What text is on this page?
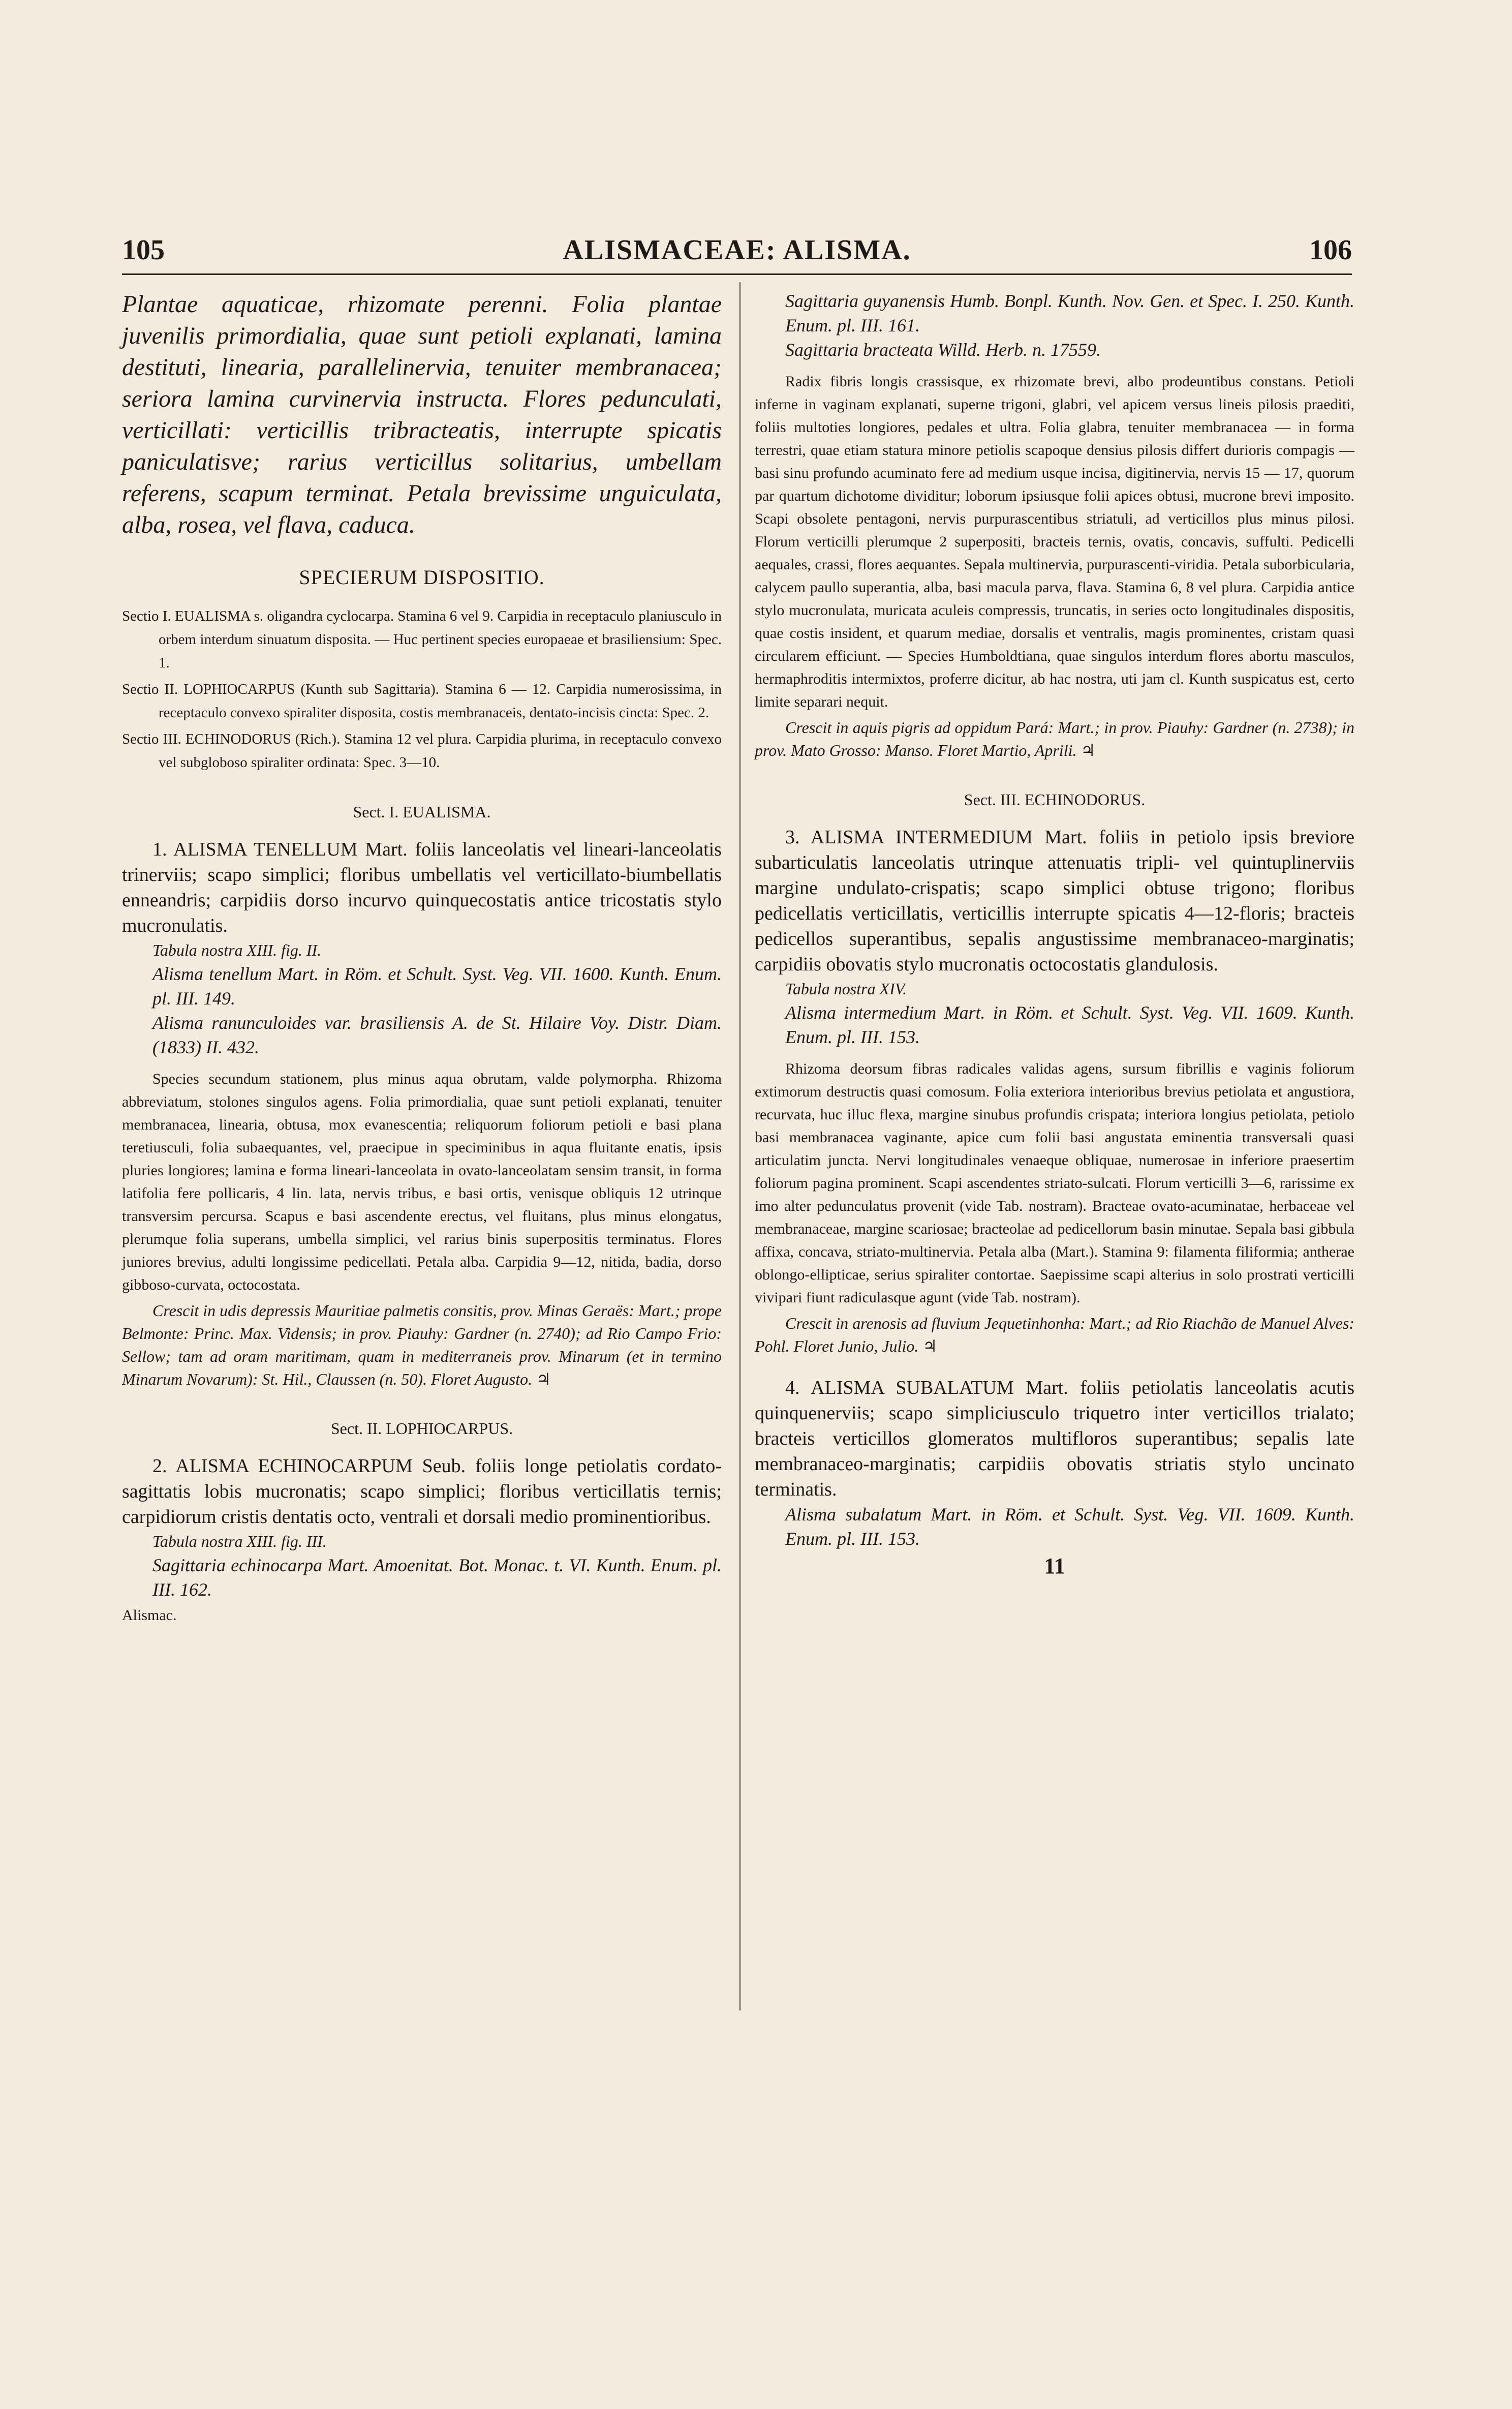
105	ALISMACEAE: ALISMA.	106

Plantae aquaticae, rhizomate perenni. Folia plantae juvenilis primordialia, quae sunt petioli explanati, lamina destituti, linearia, parallelinervia, tenuiter membranacea; seriora lamina curvinervia instructa. Flores pedunculati, verticillati: verticillis tribracteatis, interrupte spicatis paniculatisve; rarius verticillus solitarius, umbellam referens, scapum terminat. Petala brevissime unguiculata, alba, rosea, vel flava, caduca.

SPECIERUM DISPOSITIO.

Sectio I. EUALISMA s. oligandra cyclocarpa. Stamina 6 vel 9. Carpidia in receptaculo planiusculo in orbem interdum sinuatum disposita. — Huc pertinent species europaeae et brasiliensium: Spec. 1.

Sectio II. LOPHIOCARPUS (Kunth sub Sagittaria). Stamina 6 — 12. Carpidia numerosissima, in receptaculo convexo spiraliter disposita, costis membranaceis, dentato-incisis cincta: Spec. 2.

Sectio III. ECHINODORUS (Rich.). Stamina 12 vel plura. Carpidia plurima, in receptaculo convexo vel subgloboso spiraliter ordinata: Spec. 3—10.

Sect. I. EUALISMA.

1. ALISMA TENELLUM Mart. foliis lanceolatis vel lineari-lanceolatis trinerviis; scapo simplici; floribus umbellatis vel verticillato-biumbellatis enneandris; carpidiis dorso incurvo quinquecostatis antice tricostatis stylo mucronulatis.

Tabula nostra XIII. fig. II.

Alisma tenellum Mart. in Röm. et Schult. Syst. Veg. VII. 1600. Kunth. Enum. pl. III. 149.

Alisma ranunculoides var. brasiliensis A. de St. Hilaire Voy. Distr. Diam. (1833) II. 432.

Species secundum stationem, plus minus aqua obrutam, valde polymorpha. Rhizoma abbreviatum, stolones singulos agens. Folia primordialia, quae sunt petioli explanati, tenuiter membranacea, linearia, obtusa, mox evanescentia; reliquorum foliorum petioli e basi plana teretiusculi, folia subaequantes, vel, praecipue in speciminibus in aqua fluitante enatis, ipsis pluries longiores; lamina e forma lineari-lanceolata in ovato-lanceolatam sensim transit, in forma latifolia fere pollicaris, 4 lin. lata, nervis tribus, e basi ortis, venisque obliquis 12 utrinque transversim percursa. Scapus e basi ascendente erectus, vel fluitans, plus minus elongatus, plerumque folia superans, umbella simplici, vel rarius binis superpositis terminatus. Flores juniores brevius, adulti longissime pedicellati. Petala alba. Carpidia 9—12, nitida, badia, dorso gibboso-curvata, octocostata.

Crescit in udis depressis Mauritiae palmetis consitis, prov. Minas Geraës: Mart.; prope Belmonte: Princ. Max. Vidensis; in prov. Piauhy: Gardner (n. 2740); ad Rio Campo Frio: Sellow; tam ad oram maritimam, quam in mediterraneis prov. Minarum (et in termino Minarum Novarum): St. Hil., Claussen (n. 50). Floret Augusto. ♃

Sect. II. LOPHIOCARPUS.

2. ALISMA ECHINOCARPUM Seub. foliis longe petiolatis cordato-sagittatis lobis mucronatis; scapo simplici; floribus verticillatis ternis; carpidiorum cristis dentatis octo, ventrali et dorsali medio prominentioribus.

Tabula nostra XIII. fig. III.

Sagittaria echinocarpa Mart. Amoenitat. Bot. Monac. t. VI. Kunth. Enum. pl. III. 162.

Alismac.

Sagittaria guyanensis Humb. Bonpl. Kunth. Nov. Gen. et Spec. I. 250. Kunth. Enum. pl. III. 161.

Sagittaria bracteata Willd. Herb. n. 17559.

Radix fibris longis crassisque, ex rhizomate brevi, albo prodeuntibus constans. Petioli inferne in vaginam explanati, superne trigoni, glabri, vel apicem versus lineis pilosis praediti, foliis multoties longiores, pedales et ultra. Folia glabra, tenuiter membranacea — in forma terrestri, quae etiam statura minore petiolis scapoque densius pilosis differt durioris compagis — basi sinu profundo acuminato fere ad medium usque incisa, digitinervia, nervis 15 — 17, quorum par quartum dichotome dividitur; loborum ipsiusque folii apices obtusi, mucrone brevi imposito. Scapi obsolete pentagoni, nervis purpurascentibus striatuli, ad verticillos plus minus pilosi. Florum verticilli plerumque 2 superpositi, bracteis ternis, ovatis, concavis, suffulti. Pedicelli aequales, crassi, flores aequantes. Sepala multinervia, purpurascenti-viridia. Petala suborbicularia, calycem paullo superantia, alba, basi macula parva, flava. Stamina 6, 8 vel plura. Carpidia antice stylo mucronulata, muricata aculeis compressis, truncatis, in series octo longitudinales dispositis, quae costis insident, et quarum mediae, dorsalis et ventralis, magis prominentes, cristam quasi circularem efficiunt. — Species Humboldtiana, quae singulos interdum flores abortu masculos, hermaphroditis intermixtos, proferre dicitur, ab hac nostra, uti jam cl. Kunth suspicatus est, certo limite separari nequit.

Crescit in aquis pigris ad oppidum Pará: Mart.; in prov. Piauhy: Gardner (n. 2738); in prov. Mato Grosso: Manso. Floret Martio, Aprili. ♃

Sect. III. ECHINODORUS.

3. ALISMA INTERMEDIUM Mart. foliis in petiolo ipsis breviore subarticulatis lanceolatis utrinque attenuatis tripli- vel quintuplinerviis margine undulato-crispatis; scapo simplici obtuse trigono; floribus pedicellatis verticillatis, verticillis interrupte spicatis 4—12-floris; bracteis pedicellos superantibus, sepalis angustissime membranaceo-marginatis; carpidiis obovatis stylo mucronatis octocostatis glandulosis.

Tabula nostra XIV.

Alisma intermedium Mart. in Röm. et Schult. Syst. Veg. VII. 1609. Kunth. Enum. pl. III. 153.

Rhizoma deorsum fibras radicales validas agens, sursum fibrillis e vaginis foliorum extimorum destructis quasi comosum. Folia exteriora interioribus brevius petiolata et angustiora, recurvata, huc illuc flexa, margine sinubus profundis crispata; interiora longius petiolata, petiolo basi membranacea vaginante, apice cum folii basi angustata eminentia transversali quasi articulatim juncta. Nervi longitudinales venaeque obliquae, numerosae in inferiore praesertim foliorum pagina prominent. Scapi ascendentes striato-sulcati. Florum verticilli 3—6, rarissime ex imo alter pedunculatus provenit (vide Tab. nostram). Bracteae ovato-acuminatae, herbaceae vel membranaceae, margine scariosae; bracteolae ad pedicellorum basin minutae. Sepala basi gibbula affixa, concava, striato-multinervia. Petala alba (Mart.). Stamina 9: filamenta filiformia; antherae oblongo-ellipticae, serius spiraliter contortae. Saepissime scapi alterius in solo prostrati verticilli vivipari fiunt radiculasque agunt (vide Tab. nostram).

Crescit in arenosis ad fluvium Jequetinhonha: Mart.; ad Rio Riachão de Manuel Alves: Pohl. Floret Junio, Julio. ♃

4. ALISMA SUBALATUM Mart. foliis petiolatis lanceolatis acutis quinquenerviis; scapo simpliciusculo triquetro inter verticillos trialato; bracteis verticillos glomeratos multifloros superantibus; sepalis late membranaceo-marginatis; carpidiis obovatis striatis stylo uncinato terminatis.

Alisma subalatum Mart. in Röm. et Schult. Syst. Veg. VII. 1609. Kunth. Enum. pl. III. 153.

11
